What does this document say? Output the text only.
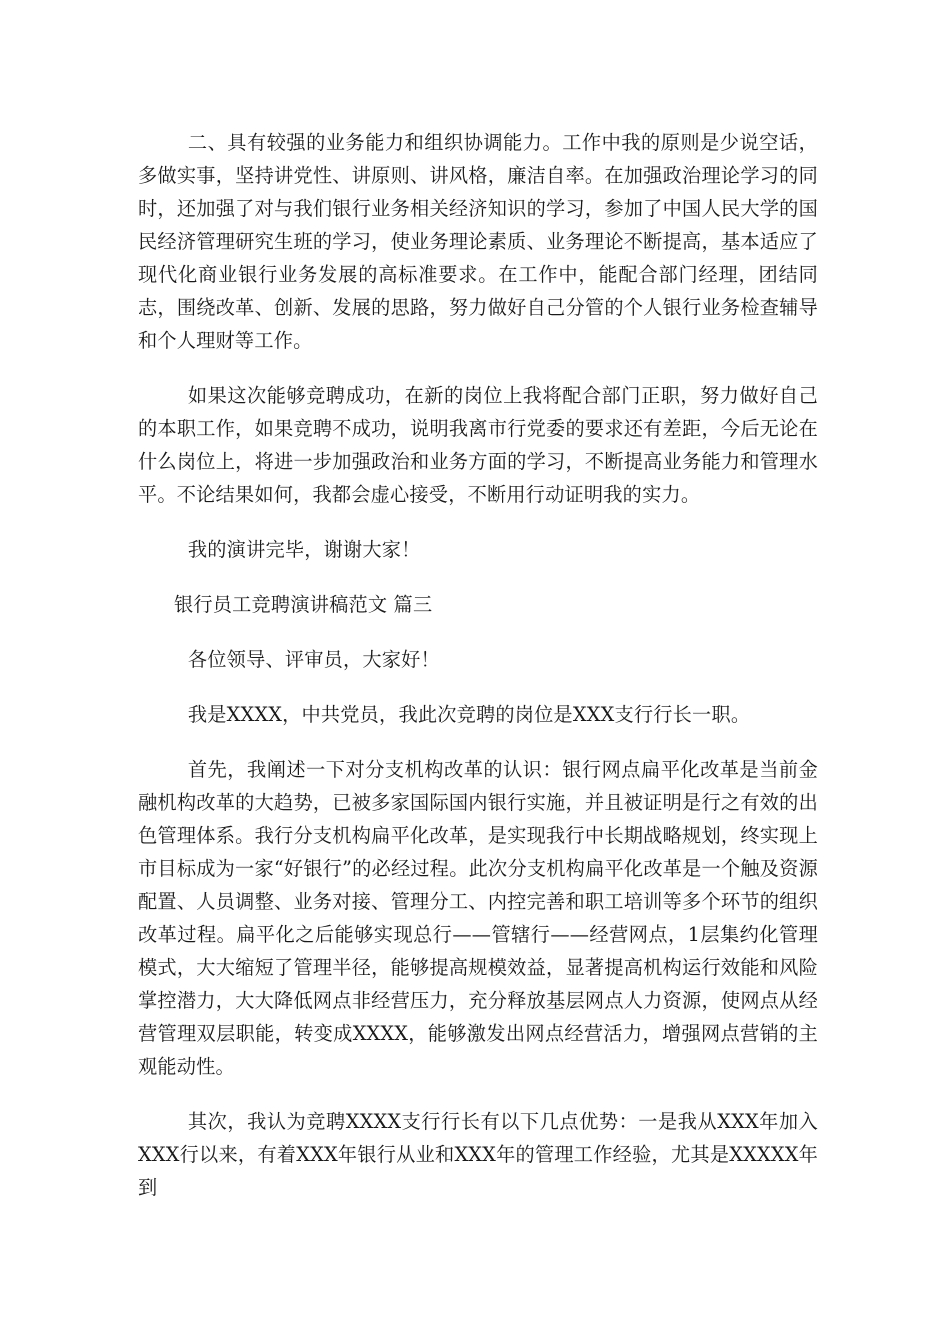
二、具有较强的业务能力和组织协调能力。工作中我的原则是少说空话，多做实事，坚持讲党性、讲原则、讲风格，廉洁自率。在加强政治理论学习的同时，还加强了对与我们银行业务相关经济知识的学习，参加了中国人民大学的国民经济管理研究生班的学习，使业务理论素质、业务理论不断提高，基本适应了现代化商业银行业务发展的高标准要求。在工作中，能配合部门经理，团结同志，围绕改革、创新、发展的思路，努力做好自己分管的个人银行业务检查辅导和个人理财等工作。

如果这次能够竞聘成功，在新的岗位上我将配合部门正职，努力做好自己的本职工作，如果竞聘不成功，说明我离市行党委的要求还有差距，今后无论在什么岗位上，将进一步加强政治和业务方面的学习，不断提高业务能力和管理水平。不论结果如何，我都会虚心接受，不断用行动证明我的实力。

我的演讲完毕，谢谢大家！

银行员工竞聘演讲稿范文 篇三

各位领导、评审员，大家好！

我是XXXX，中共党员，我此次竞聘的岗位是XXX支行行长一职。

首先，我阐述一下对分支机构改革的认识：银行网点扁平化改革是当前金融机构改革的大趋势，已被多家国际国内银行实施，并且被证明是行之有效的出色管理体系。我行分支机构扁平化改革，是实现我行中长期战略规划，终实现上市目标成为一家“好银行”的必经过程。此次分支机构扁平化改革是一个触及资源配置、人员调整、业务对接、管理分工、内控完善和职工培训等多个环节的组织改革过程。扁平化之后能够实现总行——管辖行——经营网点，1层集约化管理模式，大大缩短了管理半径，能够提高规模效益，显著提高机构运行效能和风险掌控潜力，大大降低网点非经营压力，充分释放基层网点人力资源，使网点从经营管理双层职能，转变成XXXX，能够激发出网点经营活力，增强网点营销的主观能动性。

其次，我认为竞聘XXXX支行行长有以下几点优势：一是我从XXX年加入XXX行以来，有着XXX年银行从业和XXX年的管理工作经验，尤其是XXXXX年到
